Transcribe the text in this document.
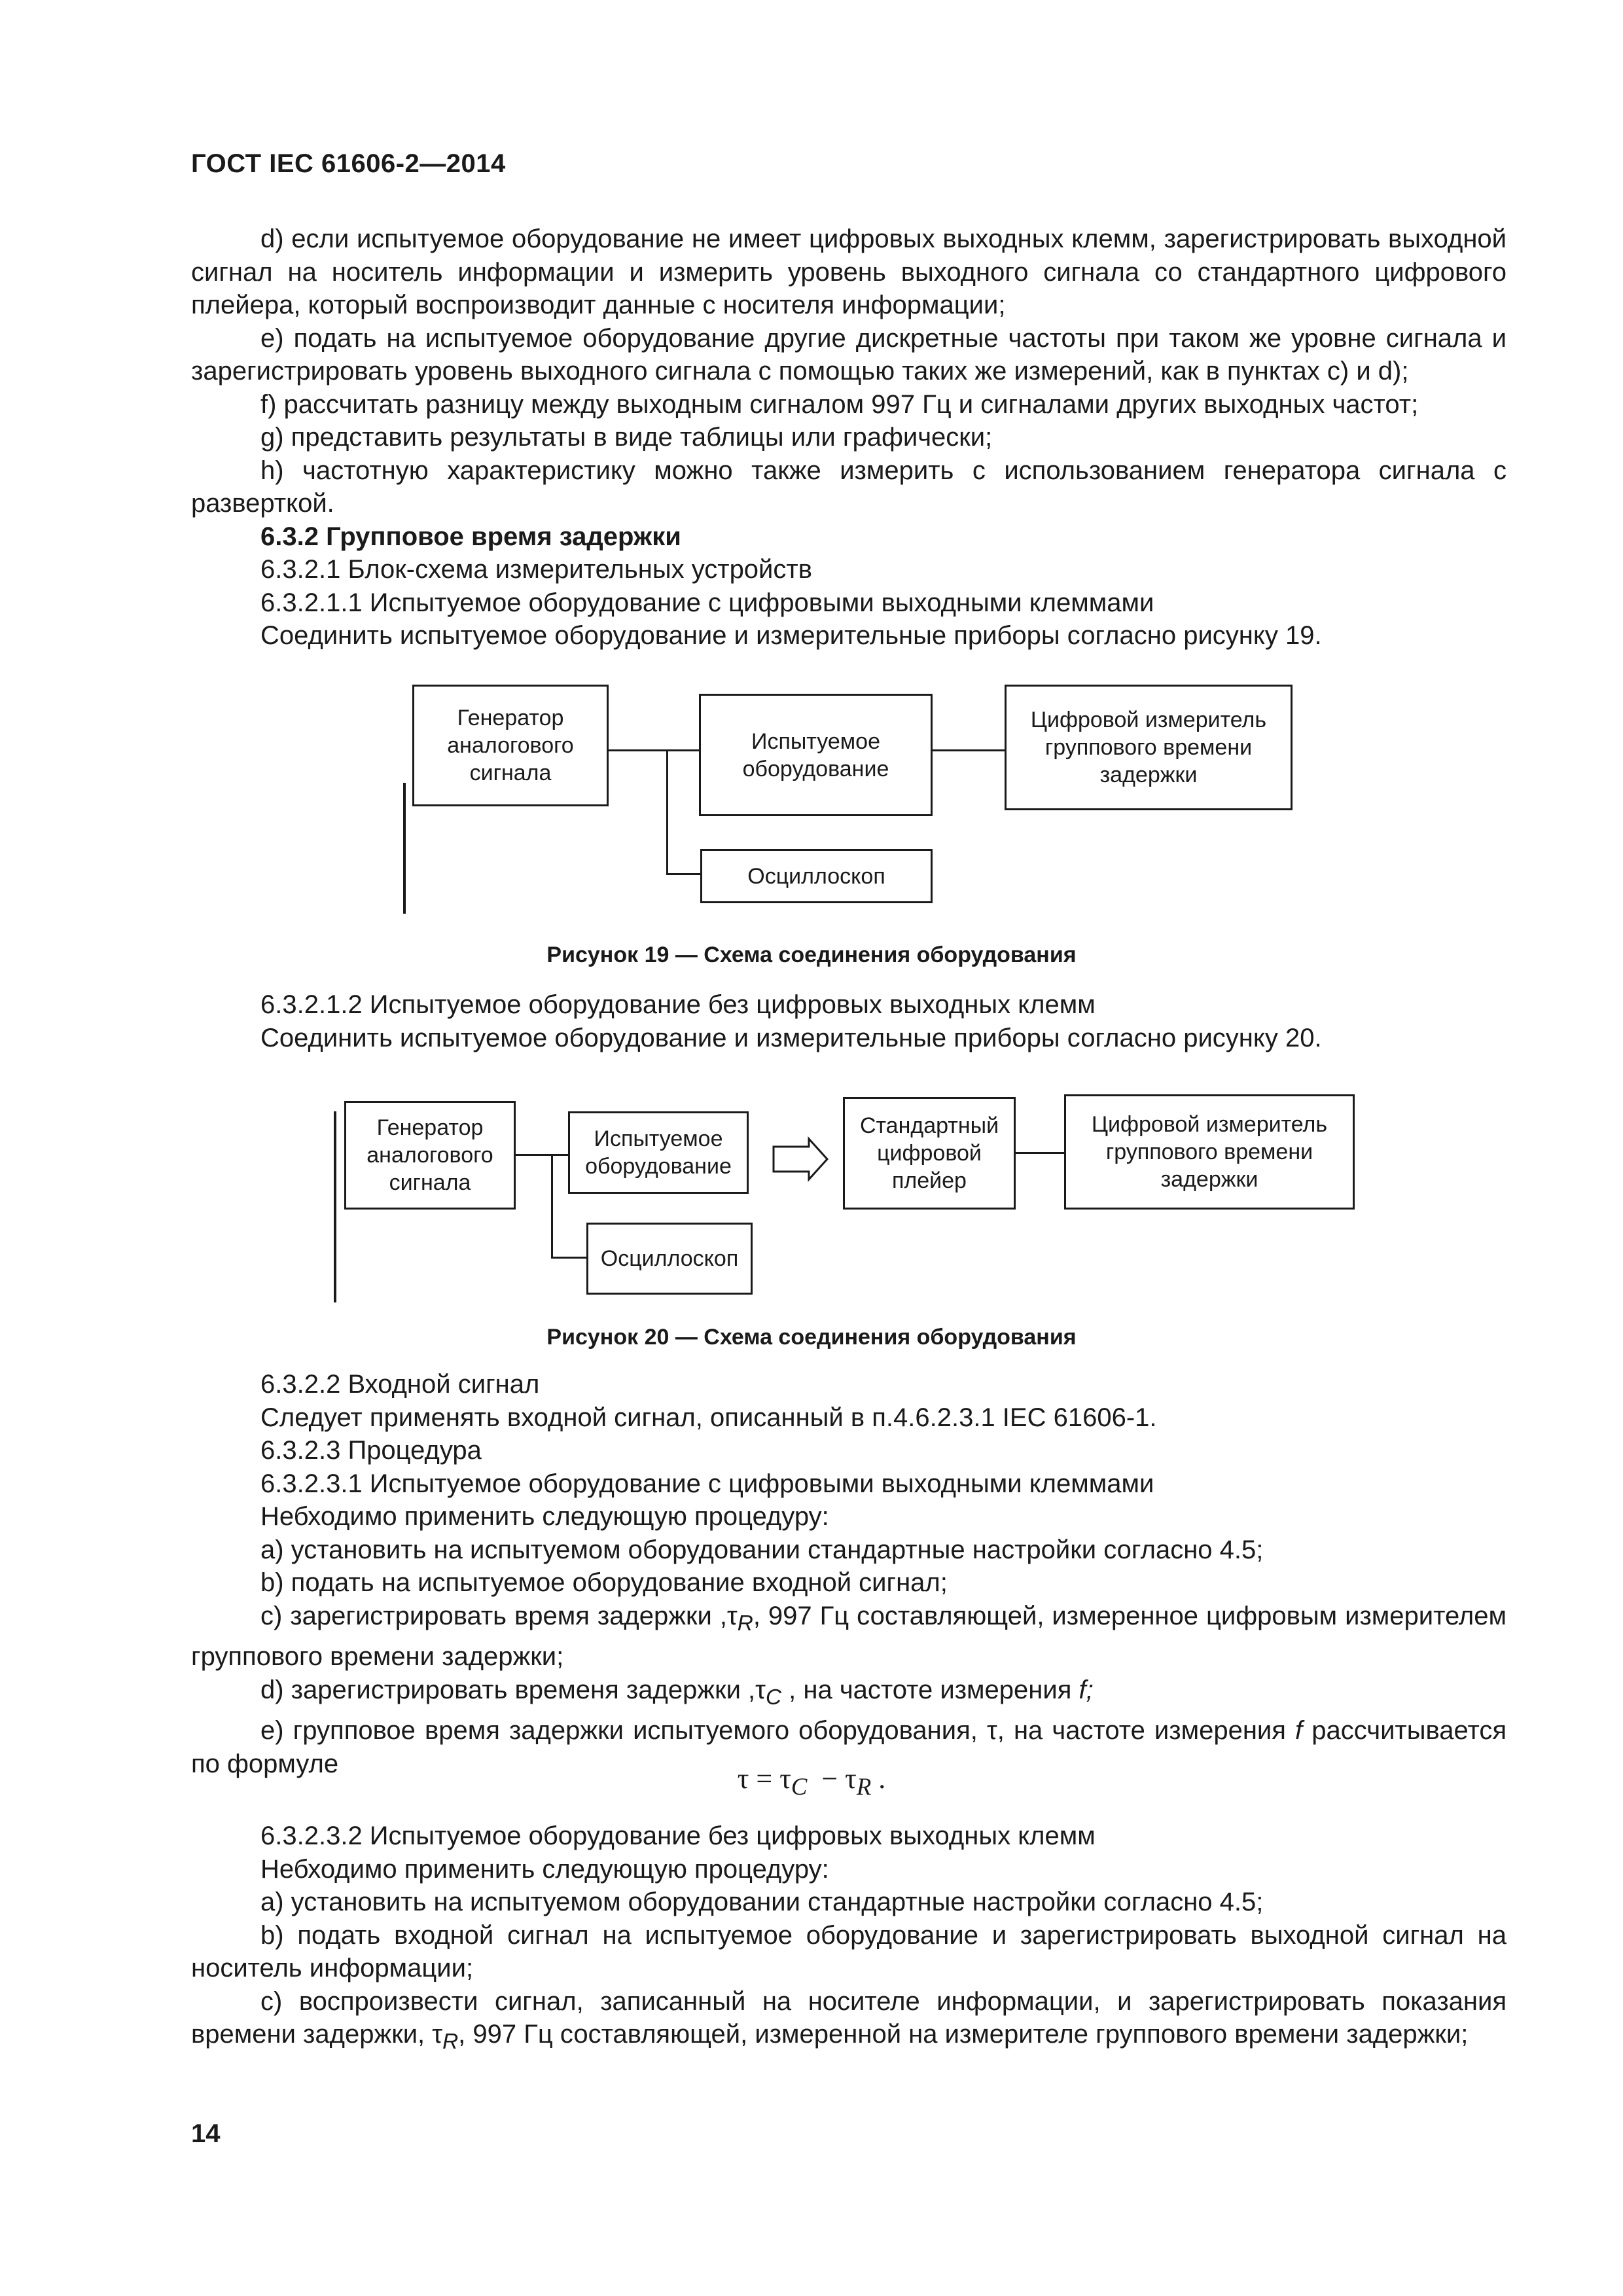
ГОСТ IEC 61606-2—2014

d) если испытуемое оборудование не имеет цифровых выходных клемм, зарегистрировать выходной сигнал на носитель информации и измерить уровень выходного сигнала со стандартного цифрового плейера, который воспроизводит данные с носителя информации;

e) подать на испытуемое оборудование другие дискретные частоты при таком же уровне сигнала и зарегистрировать уровень выходного сигнала с помощью таких же измерений, как в пунктах c) и d);

f) рассчитать разницу между выходным сигналом 997 Гц и сигналами других выходных частот;

g) представить результаты в виде таблицы или графически;

h) частотную характеристику можно также измерить с использованием генератора сигнала с разверткой.

6.3.2 Групповое время задержки

6.3.2.1 Блок-схема измерительных устройств

6.3.2.1.1 Испытуемое оборудование с цифровыми выходными клеммами

Соединить испытуемое оборудование и измерительные приборы согласно рисунку 19.

Генератор
аналогового
сигнала
Испытуемое
оборудование
Цифровой измеритель
группового времени
задержки
Осциллоскоп
Рисунок 19 — Схема соединения оборудования

6.3.2.1.2 Испытуемое оборудование без цифровых выходных клемм

Соединить испытуемое оборудование и измерительные приборы согласно рисунку 20.

Генератор
аналогового
сигнала
Испытуемое
оборудование
Стандартный
цифровой
плейер
Цифровой измеритель
группового времени
задержки
Осциллоскоп
Рисунок 20 — Схема соединения оборудования

6.3.2.2 Входной сигнал

Следует применять входной сигнал, описанный в п.4.6.2.3.1 IEC 61606-1.

6.3.2.3 Процедура

6.3.2.3.1 Испытуемое оборудование с цифровыми выходными клеммами

Небходимо применить следующую процедуру:

a) установить на испытуемом оборудовании стандартные настройки согласно 4.5;

b) подать на испытуемое оборудование входной сигнал;

c) зарегистрировать время задержки $,\tau_R$, 997 Гц составляющей, измеренное цифровым измерителем группового времени задержки;

d) зарегистрировать временя задержки $,\tau_C$ , на частоте измерения f;

e) групповое время задержки испытуемого оборудования, τ, на частоте измерения f рассчитывается по формуле	$\tau = \tau_C - \tau_R$ .

6.3.2.3.2 Испытуемое оборудование без цифровых выходных клемм

Небходимо применить следующую процедуру:

a) установить на испытуемом оборудовании стандартные настройки согласно 4.5;

b) подать входной сигнал на испытуемое оборудование и зарегистрировать выходной сигнал на носитель информации;

c) воспроизвести сигнал, записанный на носителе информации, и зарегистрировать показания времени задержки, $\tau_R$, 997 Гц составляющей, измеренной на измерителе группового времени задержки;

14
